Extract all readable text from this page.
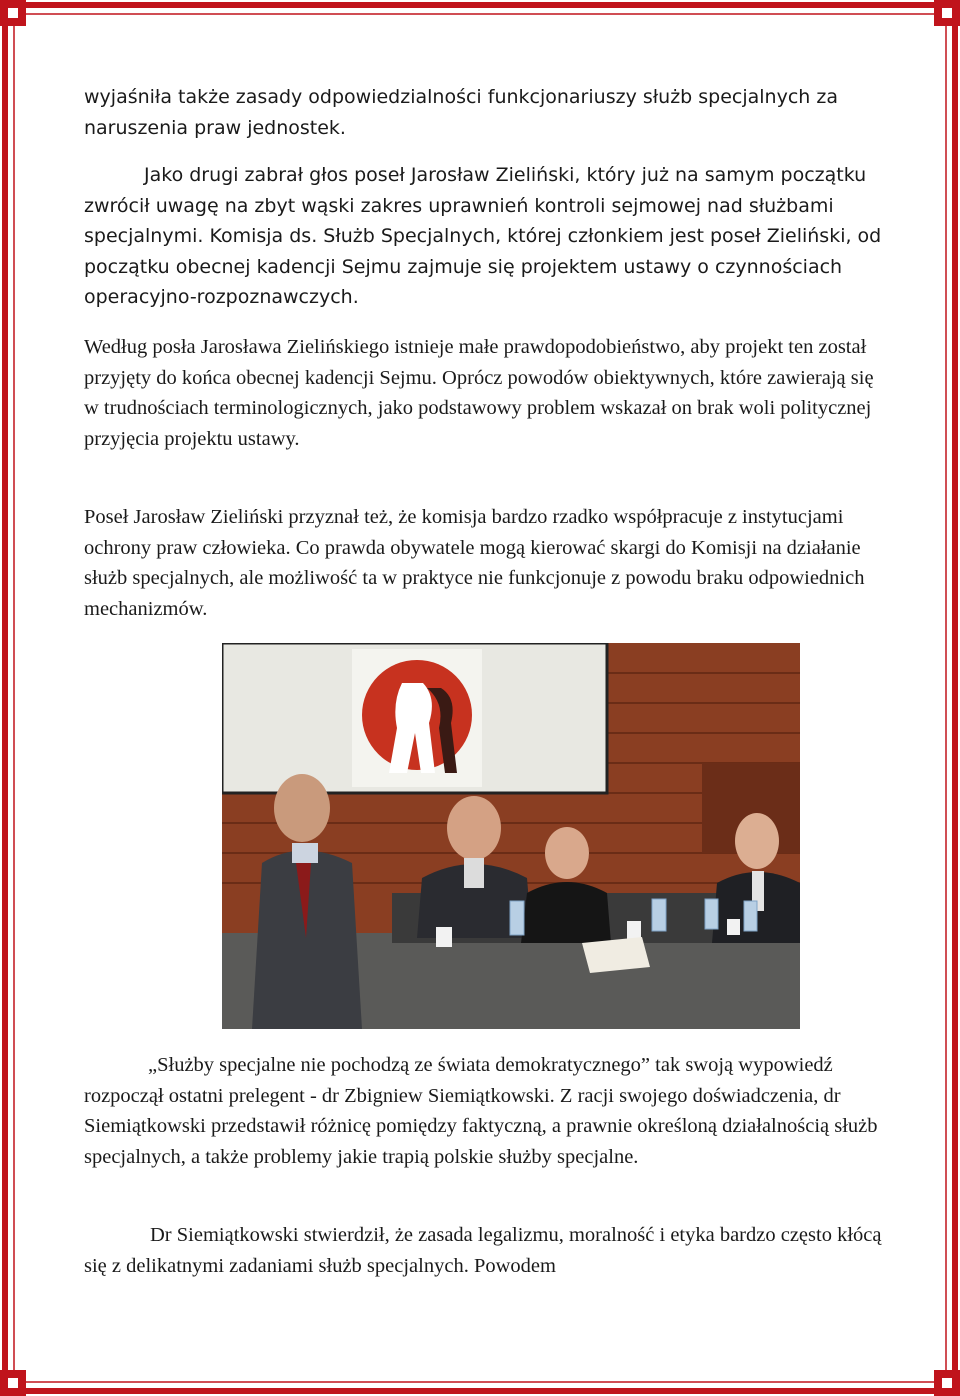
wyjaśniła także zasady odpowiedzialności funkcjonariuszy służb specjalnych za naruszenia praw jednostek.

Jako drugi zabrał głos poseł Jarosław Zieliński, który już na samym początku zwrócił uwagę na zbyt wąski zakres uprawnień kontroli sejmowej nad służbami specjalnymi. Komisja ds. Służb Specjalnych, której członkiem jest poseł Zieliński, od początku obecnej kadencji Sejmu zajmuje się projektem ustawy o czynnościach operacyjno-rozpoznawczych.

Według posła Jarosława Zielińskiego istnieje małe prawdopodobieństwo, aby projekt ten został przyjęty do końca obecnej kadencji Sejmu. Oprócz powodów obiektywnych, które zawierają się w trudnościach terminologicznych, jako podstawowy problem wskazał on brak woli politycznej przyjęcia projektu ustawy.

Poseł Jarosław Zieliński przyznał też, że komisja bardzo rzadko współpracuje z instytucjami ochrony praw człowieka. Co prawda obywatele mogą kierować skargi do Komisji na działanie służb specjalnych, ale możliwość ta w praktyce nie funkcjonuje z powodu braku odpowiednich mechanizmów.

„Służby specjalne nie pochodzą ze świata demokratycznego” tak swoją wypowiedź rozpoczął ostatni prelegent - dr Zbigniew Siemiątkowski. Z racji swojego doświadczenia, dr Siemiątkowski przedstawił różnicę pomiędzy faktyczną, a prawnie określoną działalnością służb specjalnych, a także problemy jakie trapią polskie służby specjalne.

Dr Siemiątkowski stwierdził, że zasada legalizmu, moralność i etyka bardzo często kłócą się z delikatnymi zadaniami służb specjalnych. Powodem
